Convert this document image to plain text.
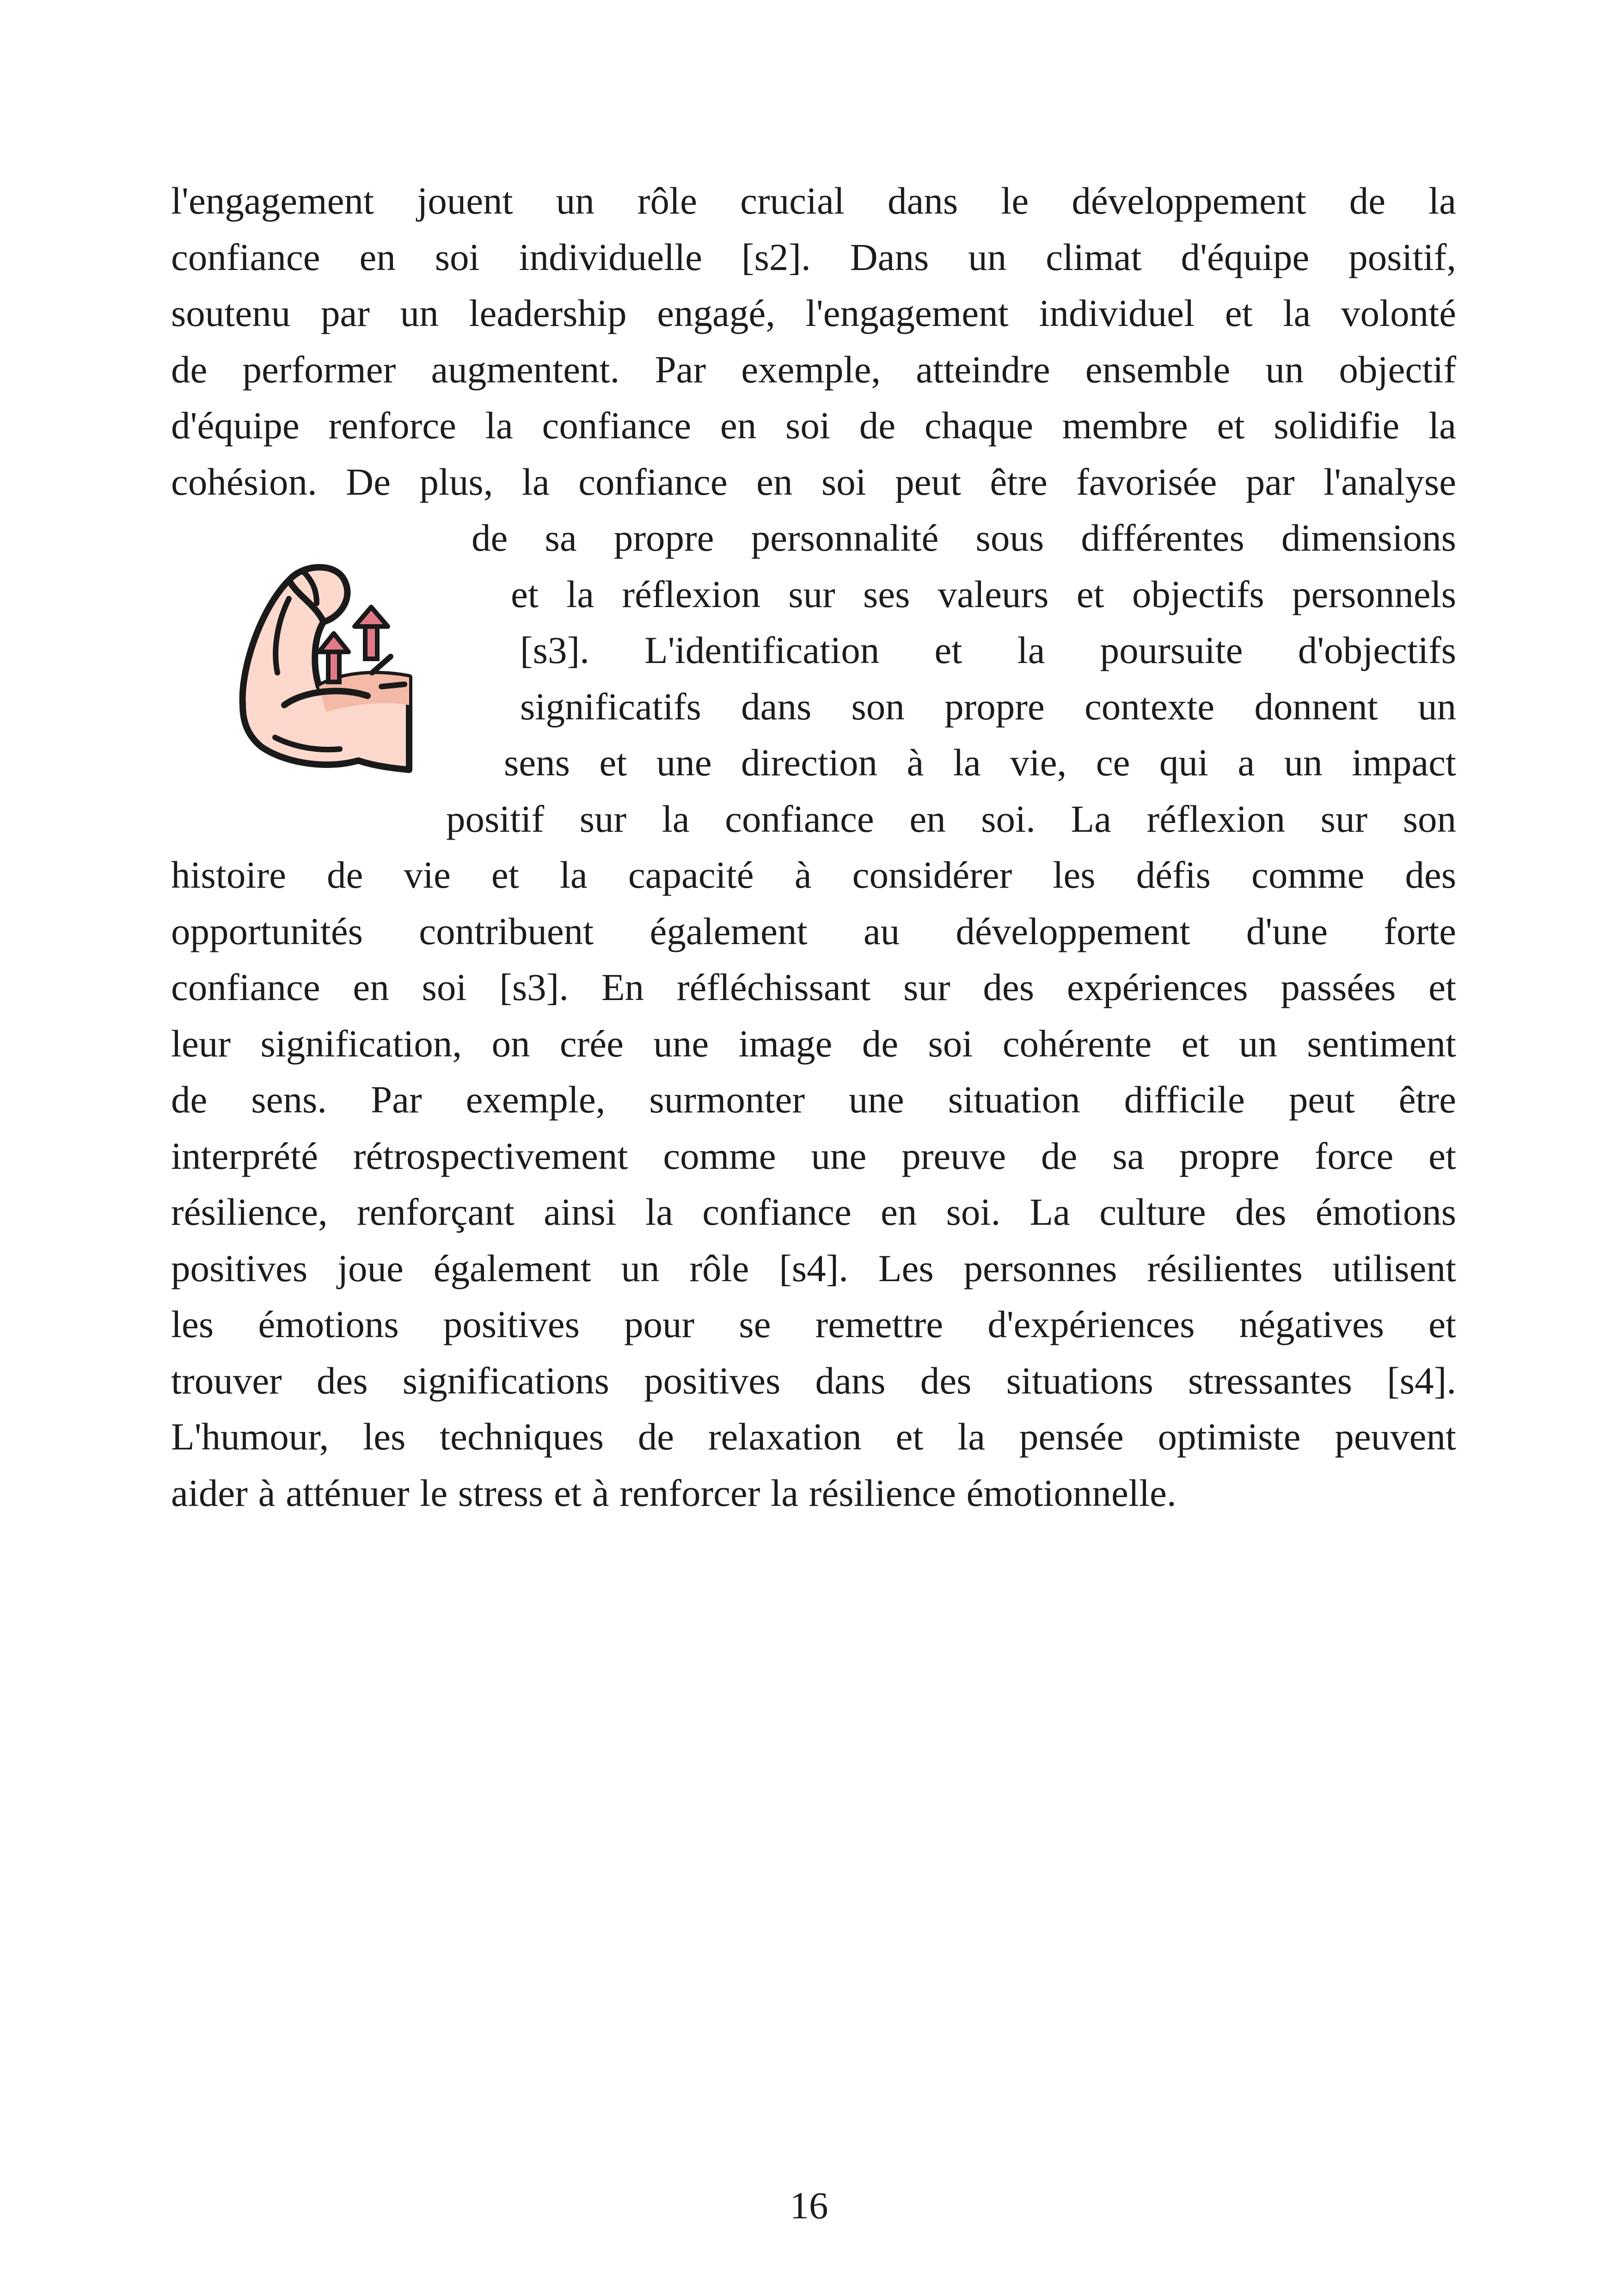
l'engagement jouent un rôle crucial dans le développement de la
confiance en soi individuelle [s2]. Dans un climat d'équipe positif,
soutenu par un leadership engagé, l'engagement individuel et la volonté
de performer augmentent. Par exemple, atteindre ensemble un objectif
d'équipe renforce la confiance en soi de chaque membre et solidifie la
cohésion. De plus, la confiance en soi peut être favorisée par l'analyse
de sa propre personnalité sous différentes dimensions
et la réflexion sur ses valeurs et objectifs personnels
[s3]. L'identification et la poursuite d'objectifs
significatifs dans son propre contexte donnent un
sens et une direction à la vie, ce qui a un impact
positif sur la confiance en soi. La réflexion sur son
histoire de vie et la capacité à considérer les défis comme des
opportunités contribuent également au développement d'une forte
confiance en soi [s3]. En réfléchissant sur des expériences passées et
leur signification, on crée une image de soi cohérente et un sentiment
de sens. Par exemple, surmonter une situation difficile peut être
interprété rétrospectivement comme une preuve de sa propre force et
résilience, renforçant ainsi la confiance en soi. La culture des émotions
positives joue également un rôle [s4]. Les personnes résilientes utilisent
les émotions positives pour se remettre d'expériences négatives et
trouver des significations positives dans des situations stressantes [s4].
L'humour, les techniques de relaxation et la pensée optimiste peuvent
aider à atténuer le stress et à renforcer la résilience émotionnelle.
16
